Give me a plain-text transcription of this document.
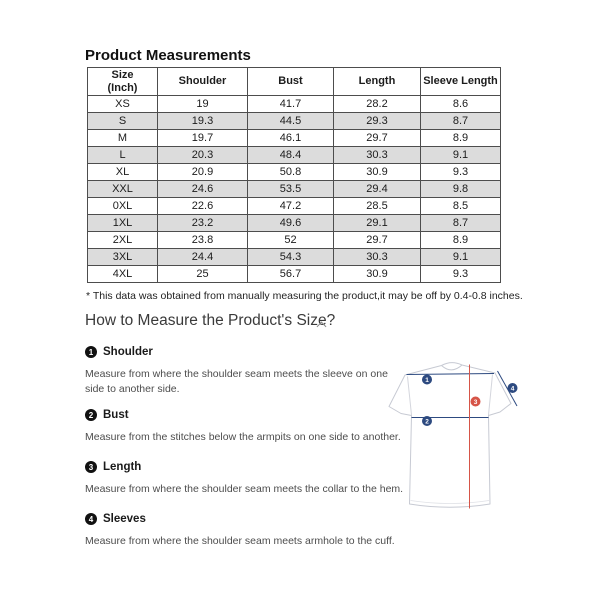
Product Measurements
Size
(Inch)	Shoulder	Bust	Length	Sleeve Length
XS	19	41.7	28.2	8.6
S	19.3	44.5	29.3	8.7
M	19.7	46.1	29.7	8.9
L	20.3	48.4	30.3	9.1
XL	20.9	50.8	30.9	9.3
XXL	24.6	53.5	29.4	9.8
0XL	22.6	47.2	28.5	8.5
1XL	23.2	49.6	29.1	8.7
2XL	23.8	52	29.7	8.9
3XL	24.4	54.3	30.3	9.1
4XL	25	56.7	30.9	9.3
* This data was obtained from manually measuring the product,it may be off by 0.4-0.8 inches.
How to Measure the Product's Size?
1 Shoulder
Measure from where the shoulder seam meets the sleeve on one side to another side.
2 Bust
Measure from the stitches below the armpits on one side to another.
3 Length
Measure from where the shoulder seam meets the collar to the hem.
4 Sleeves
Measure from where the shoulder seam meets armhole to the cuff.
1
2
3
4
